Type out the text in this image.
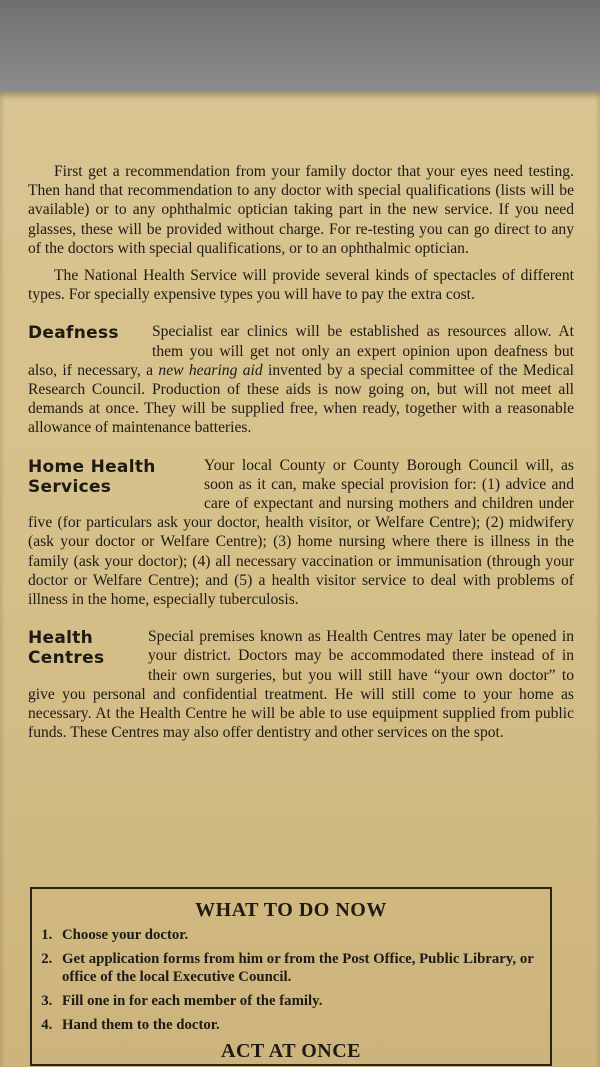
First get a recommendation from your family doctor that your eyes need testing. Then hand that recommendation to any doctor with special qualifications (lists will be available) or to any ophthalmic optician taking part in the new service. If you need glasses, these will be provided without charge. For re-testing you can go direct to any of the doctors with special qualifications, or to an ophthalmic optician.

The National Health Service will provide several kinds of spectacles of different types. For specially expensive types you will have to pay the extra cost.

Deafness	Specialist ear clinics will be established as resources allow. At them you will get not only an expert opinion upon deafness but also, if necessary, a new hearing aid invented by a special committee of the Medical Research Council. Production of these aids is now going on, but will not meet all demands at once. They will be supplied free, when ready, together with a reasonable allowance of maintenance batteries.

Home Health
Services

Your local County or County Borough Council will, as soon as it can, make special provision for: (1) advice and care of expectant and nursing mothers and children under five (for particulars ask your doctor, health visitor, or Welfare Centre); (2) midwifery (ask your doctor or Welfare Centre); (3) home nursing where there is illness in the family (ask your doctor); (4) all necessary vaccination or immunisation (through your doctor or Welfare Centre); and (5) a health visitor service to deal with problems of illness in the home, especially tuberculosis.

Health
Centres

Special premises known as Health Centres may later be opened in your district. Doctors may be accommodated there instead of in their own surgeries, but you will still have “your own doctor” to give you personal and confidential treatment. He will still come to your home as necessary. At the Health Centre he will be able to use equipment supplied from public funds. These Centres may also offer dentistry and other services on the spot.

WHAT TO DO NOW
1. Choose your doctor.
2. Get application forms from him or from the Post Office, Public Library, or office of the local Executive Council.
3. Fill one in for each member of the family.
4. Hand them to the doctor.
ACT AT ONCE
